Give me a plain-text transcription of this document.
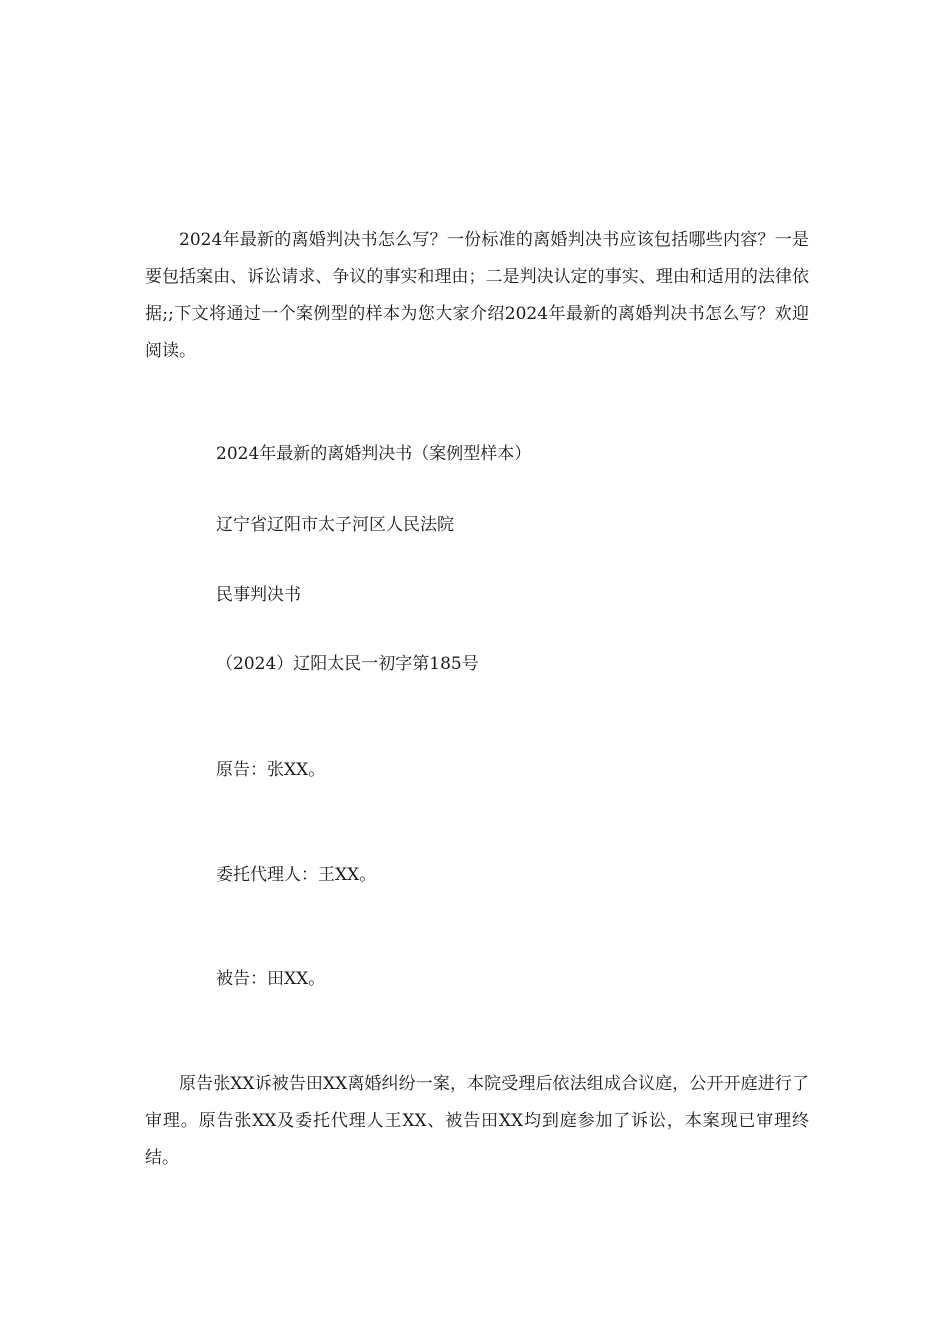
2024年最新的离婚判决书怎么写？一份标准的离婚判决书应该包括哪些内容？一是要包括案由、诉讼请求、争议的事实和理由；二是判决认定的事实、理由和适用的法律依据;;下文将通过一个案例型的样本为您大家介绍2024年最新的离婚判决书怎么写？欢迎阅读。

2024年最新的离婚判决书（案例型样本）

辽宁省辽阳市太子河区人民法院

民事判决书

（2024）辽阳太民一初字第185号

原告：张XX。

委托代理人：王XX。

被告：田XX。

原告张XX诉被告田XX离婚纠纷一案，本院受理后依法组成合议庭，公开开庭进行了审理。原告张XX及委托代理人王XX、被告田XX均到庭参加了诉讼，本案现已审理终结。
